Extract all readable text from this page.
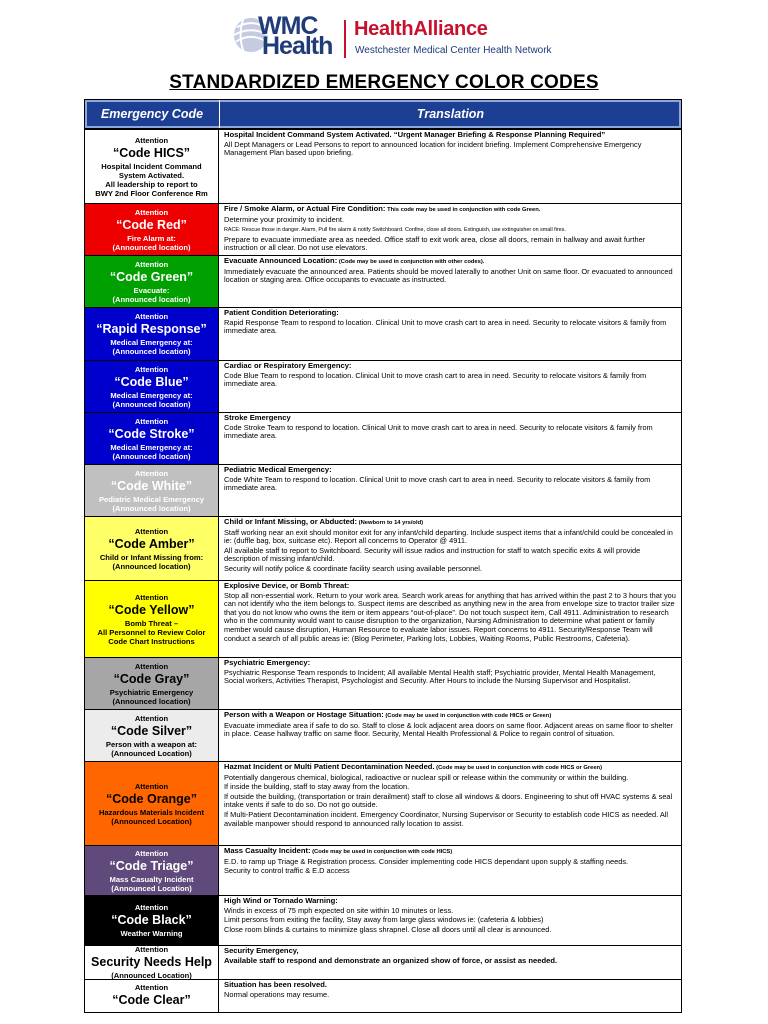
WMC
Health
HealthAlliance
Westchester Medical Center Health Network
STANDARDIZED EMERGENCY COLOR CODES
Emergency Code	Translation
Attention
“Code HICS”
Hospital Incident Command System Activated.
All leadership to report to
BWY 2nd Floor Conference Rm

Hospital Incident Command System Activated. “Urgent Manager Briefing & Response Planning Required”

All Dept Managers or Lead Persons to report to announced location for incident briefing. Implement Comprehensive Emergency Management Plan based upon briefing.

Attention
“Code Red”
Fire Alarm at:
(Announced location)

Fire / Smoke Alarm, or Actual Fire Condition: This code may be used in conjunction with code Green.

Determine your proximity to incident.

RACE: Rescue those in danger. Alarm, Pull fire alarm & notify Switchboard. Confine, close all doors. Extinguish, use extinguisher on small fires.

Prepare to evacuate immediate area as needed. Office staff to exit work area, close all doors, remain in hallway and await further instruction or all clear. Do not use elevators.

Attention
“Code Green”
Evacuate:
(Announced location)

Evacuate Announced Location: (Code may be used in conjunction with other codes).

Immediately evacuate the announced area. Patients should be moved laterally to another Unit on same floor. Or evacuated to announced location or staging area. Office occupants to evacuate as instructed.

Attention
“Rapid Response”
Medical Emergency at:
(Announced location)

Patient Condition Deteriorating:

Rapid Response Team to respond to location. Clinical Unit to move crash cart to area in need. Security to relocate visitors & family from immediate area.

Attention
“Code Blue”
Medical Emergency at:
(Announced location)

Cardiac or Respiratory Emergency:

Code Blue Team to respond to location. Clinical Unit to move crash cart to area in need. Security to relocate visitors & family from immediate area.

Attention
“Code Stroke”
Medical Emergency at:
(Announced location)

Stroke Emergency

Code Stroke Team to respond to location. Clinical Unit to move crash cart to area in need. Security to relocate visitors & family from immediate area.

Attention
“Code White”
Pediatric Medical Emergency
(Announced location)

Pediatric Medical Emergency:

Code White Team to respond to location. Clinical Unit to move crash cart to area in need. Security to relocate visitors & family from immediate area.

Attention
“Code Amber”
Child or Infant Missing from:
(Announced location)

Child or Infant Missing, or Abducted: (Newborn to 14 yrs/old)

Staff working near an exit should monitor exit for any infant/child departing. Include suspect items that a infant/child could be concealed in ie: (duffle bag, box, suitcase etc). Report all concerns to Operator @ 4911.

All available staff to report to Switchboard. Security will issue radios and instruction for staff to watch specific exits & will provide description of missing infant/child.

Security will notify police & coordinate facility search using available personnel.

Attention
“Code Yellow”
Bomb Threat –
All Personnel to Review Color Code Chart Instructions

Explosive Device, or Bomb Threat:

Stop all non-essential work. Return to your work area. Search work areas for anything that has arrived within the past 2 to 3 hours that you can not identify who the item belongs to. Suspect items are described as anything new in the area from envelope size to tractor trailer size that you do not know who owns the item or item appears “out-of-place”. Do not touch suspect item, Call 4911. Administration to research who in the community would want to cause disruption to the organization, Nursing Administration to determine what patient or family member would cause disruption, Human Resource to evaluate labor issues. Report concerns to 4911. Security/Response Team will conduct a search of all public areas ie: (Blog Perimeter, Parking lots, Lobbies, Waiting Rooms, Public Restrooms, Cafeteria).

Attention
“Code Gray”
Psychiatric Emergency
(Announced location)

Psychiatric Emergency:

Psychiatric Response Team responds to Incident; All available Mental Health staff; Psychiatric provider, Mental Health Management, Social workers, Activities Therapist, Psychologist and Security. After Hours to include the Nursing Supervisor and Hospitalist.

Attention
“Code Silver”
Person with a weapon at:
(Announced Location)

Person with a Weapon or Hostage Situation: (Code may be used in conjunction with code HICS or Green)

Evacuate immediate area if safe to do so. Staff to close & lock adjacent area doors on same floor. Adjacent areas on same floor to shelter in place. Cease hallway traffic on same floor. Security, Mental Health Professional & Police to regain control of situation.

Attention
“Code Orange”
Hazardous Materials Incident
(Announced Location)

Hazmat Incident or Multi Patient Decontamination Needed. (Code may be used in conjunction with code HICS or Green)

Potentially dangerous chemical, biological, radioactive or nuclear spill or release within the community or within the building.

If inside the building, staff to stay away from the location.

If outside the building, (transportation or train derailment) staff to close all windows & doors. Engineering to shut off HVAC systems & seal intake vents if safe to do so. Do not go outside.

If Multi-Patient Decontamination incident. Emergency Coordinator, Nursing Supervisor or Security to establish code HICS as needed. All available manpower should respond to announced rally location to assist.

Attention
“Code Triage”
Mass Casualty Incident
(Announced Location)

Mass Casualty Incident: (Code may be used in conjunction with code HICS)

E.D. to ramp up Triage & Registration process. Consider implementing code HICS dependant upon supply & staffing needs.

Security to control traffic & E.D access

Attention
“Code Black”
Weather Warning

High Wind or Tornado Warning:

Winds in excess of 75 mph expected on site within 10 minutes or less.

Limit persons from exiting the facility, Stay away from large glass windows ie: (cafeteria & lobbies)

Close room blinds & curtains to minimize glass shrapnel. Close all doors until all clear is announced.

Attention
Security Needs Help
(Announced Location)

Security Emergency,

Available staff to respond and demonstrate an organized show of force, or assist as needed.

Attention
“Code Clear”

Situation has been resolved.

Normal operations may resume.
